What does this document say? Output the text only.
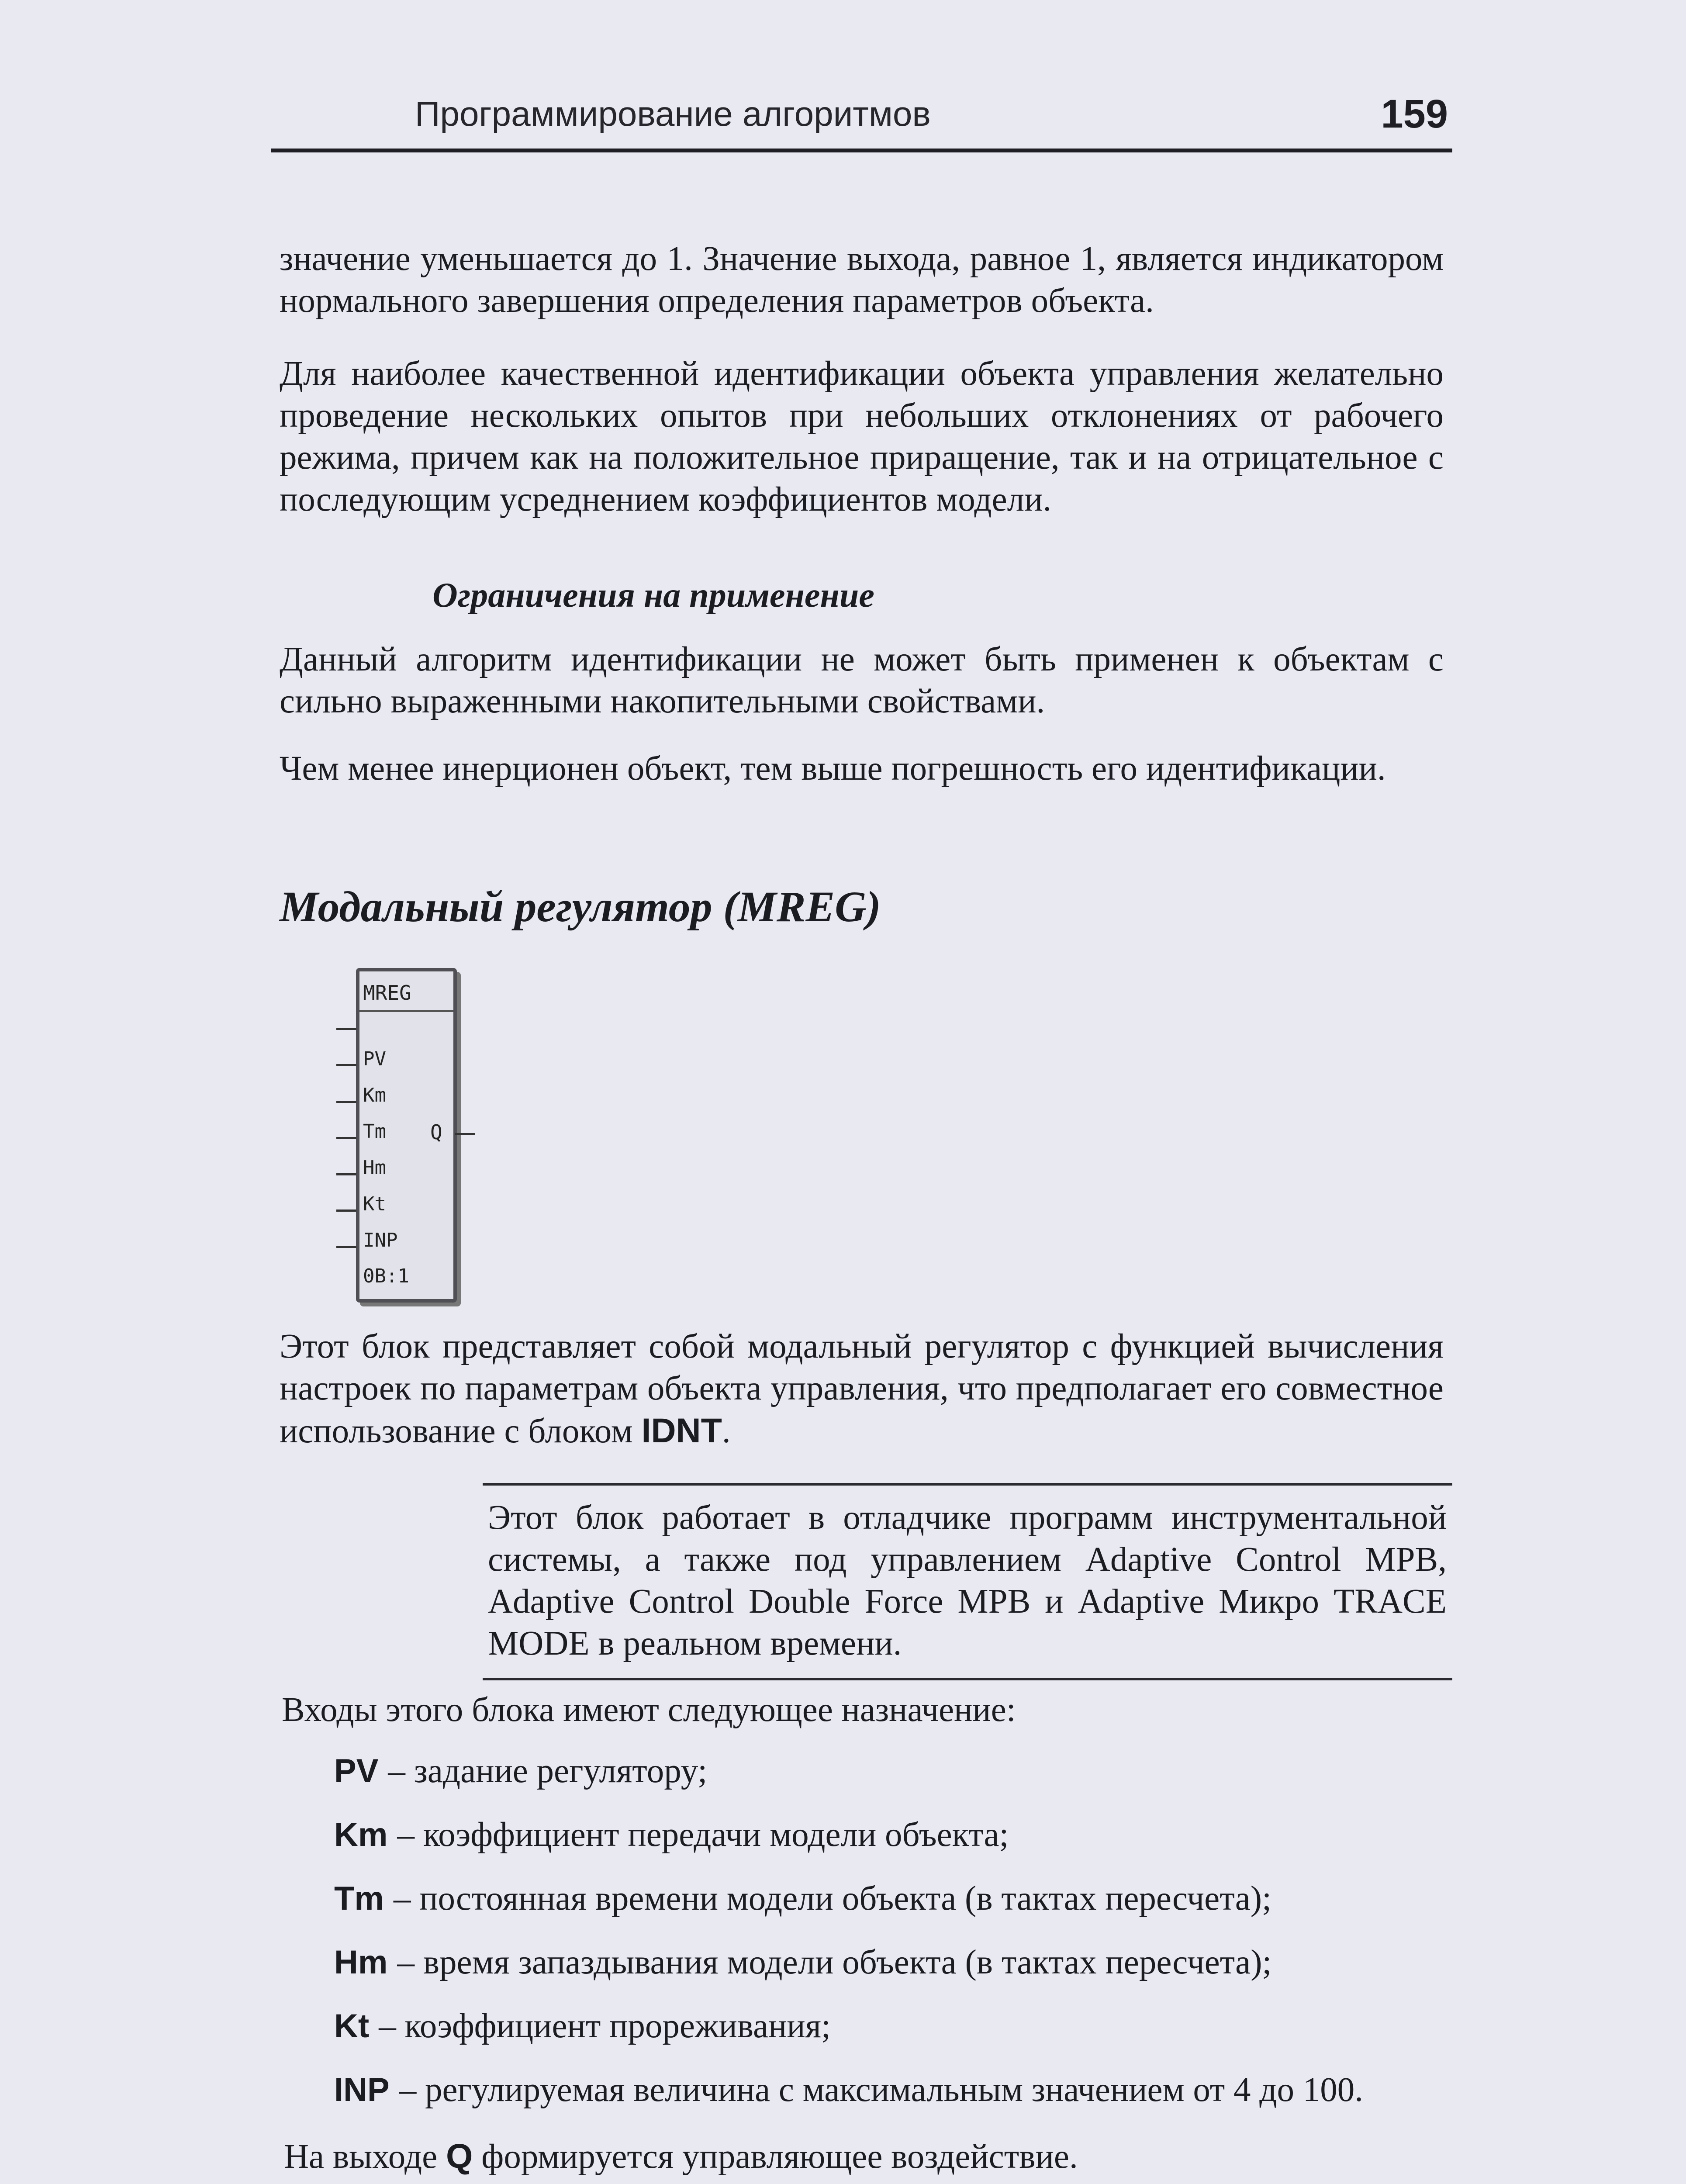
Программирование алгоритмов	159

значение уменьшается до 1. Значение выхода, равное 1, является индикатором нормального завершения определения параметров объекта.

Для наиболее качественной идентификации объекта управления желательно проведение нескольких опытов при небольших отклонениях от рабочего режима, причем как на положительное приращение, так и на отрицательное с последующим усреднением коэффициентов модели.

Ограничения на применение

Данный алгоритм идентификации не может быть применен к объектам с сильно выраженными накопительными свойствами.

Чем менее инерционен объект, тем выше погрешность его идентификации.

Модальный регулятор (MREG)
MREG
PV
Km
Tm
Hm
Kt
INP
0B:1
Q

Этот блок представляет собой модальный регулятор с функцией вычисления настроек по параметрам объекта управления, что предполагает его совместное использование с блоком IDNT.

Этот блок работает в отладчике программ инструментальной системы, а также под управлением Adaptive Control MPB, Adaptive Control Double Force MPB и Adaptive Микро TRACE MODE в реальном времени.

Входы этого блока имеют следующее назначение:

PV – задание регулятору;
Km – коэффициент передачи модели объекта;
Tm – постоянная времени модели объекта (в тактах пересчета);
Hm – время запаздывания модели объекта (в тактах пересчета);
Kt – коэффициент прореживания;
INP – регулируемая величина с максимальным значением от 4 до 100.

На выходе Q формируется управляющее воздействие.
